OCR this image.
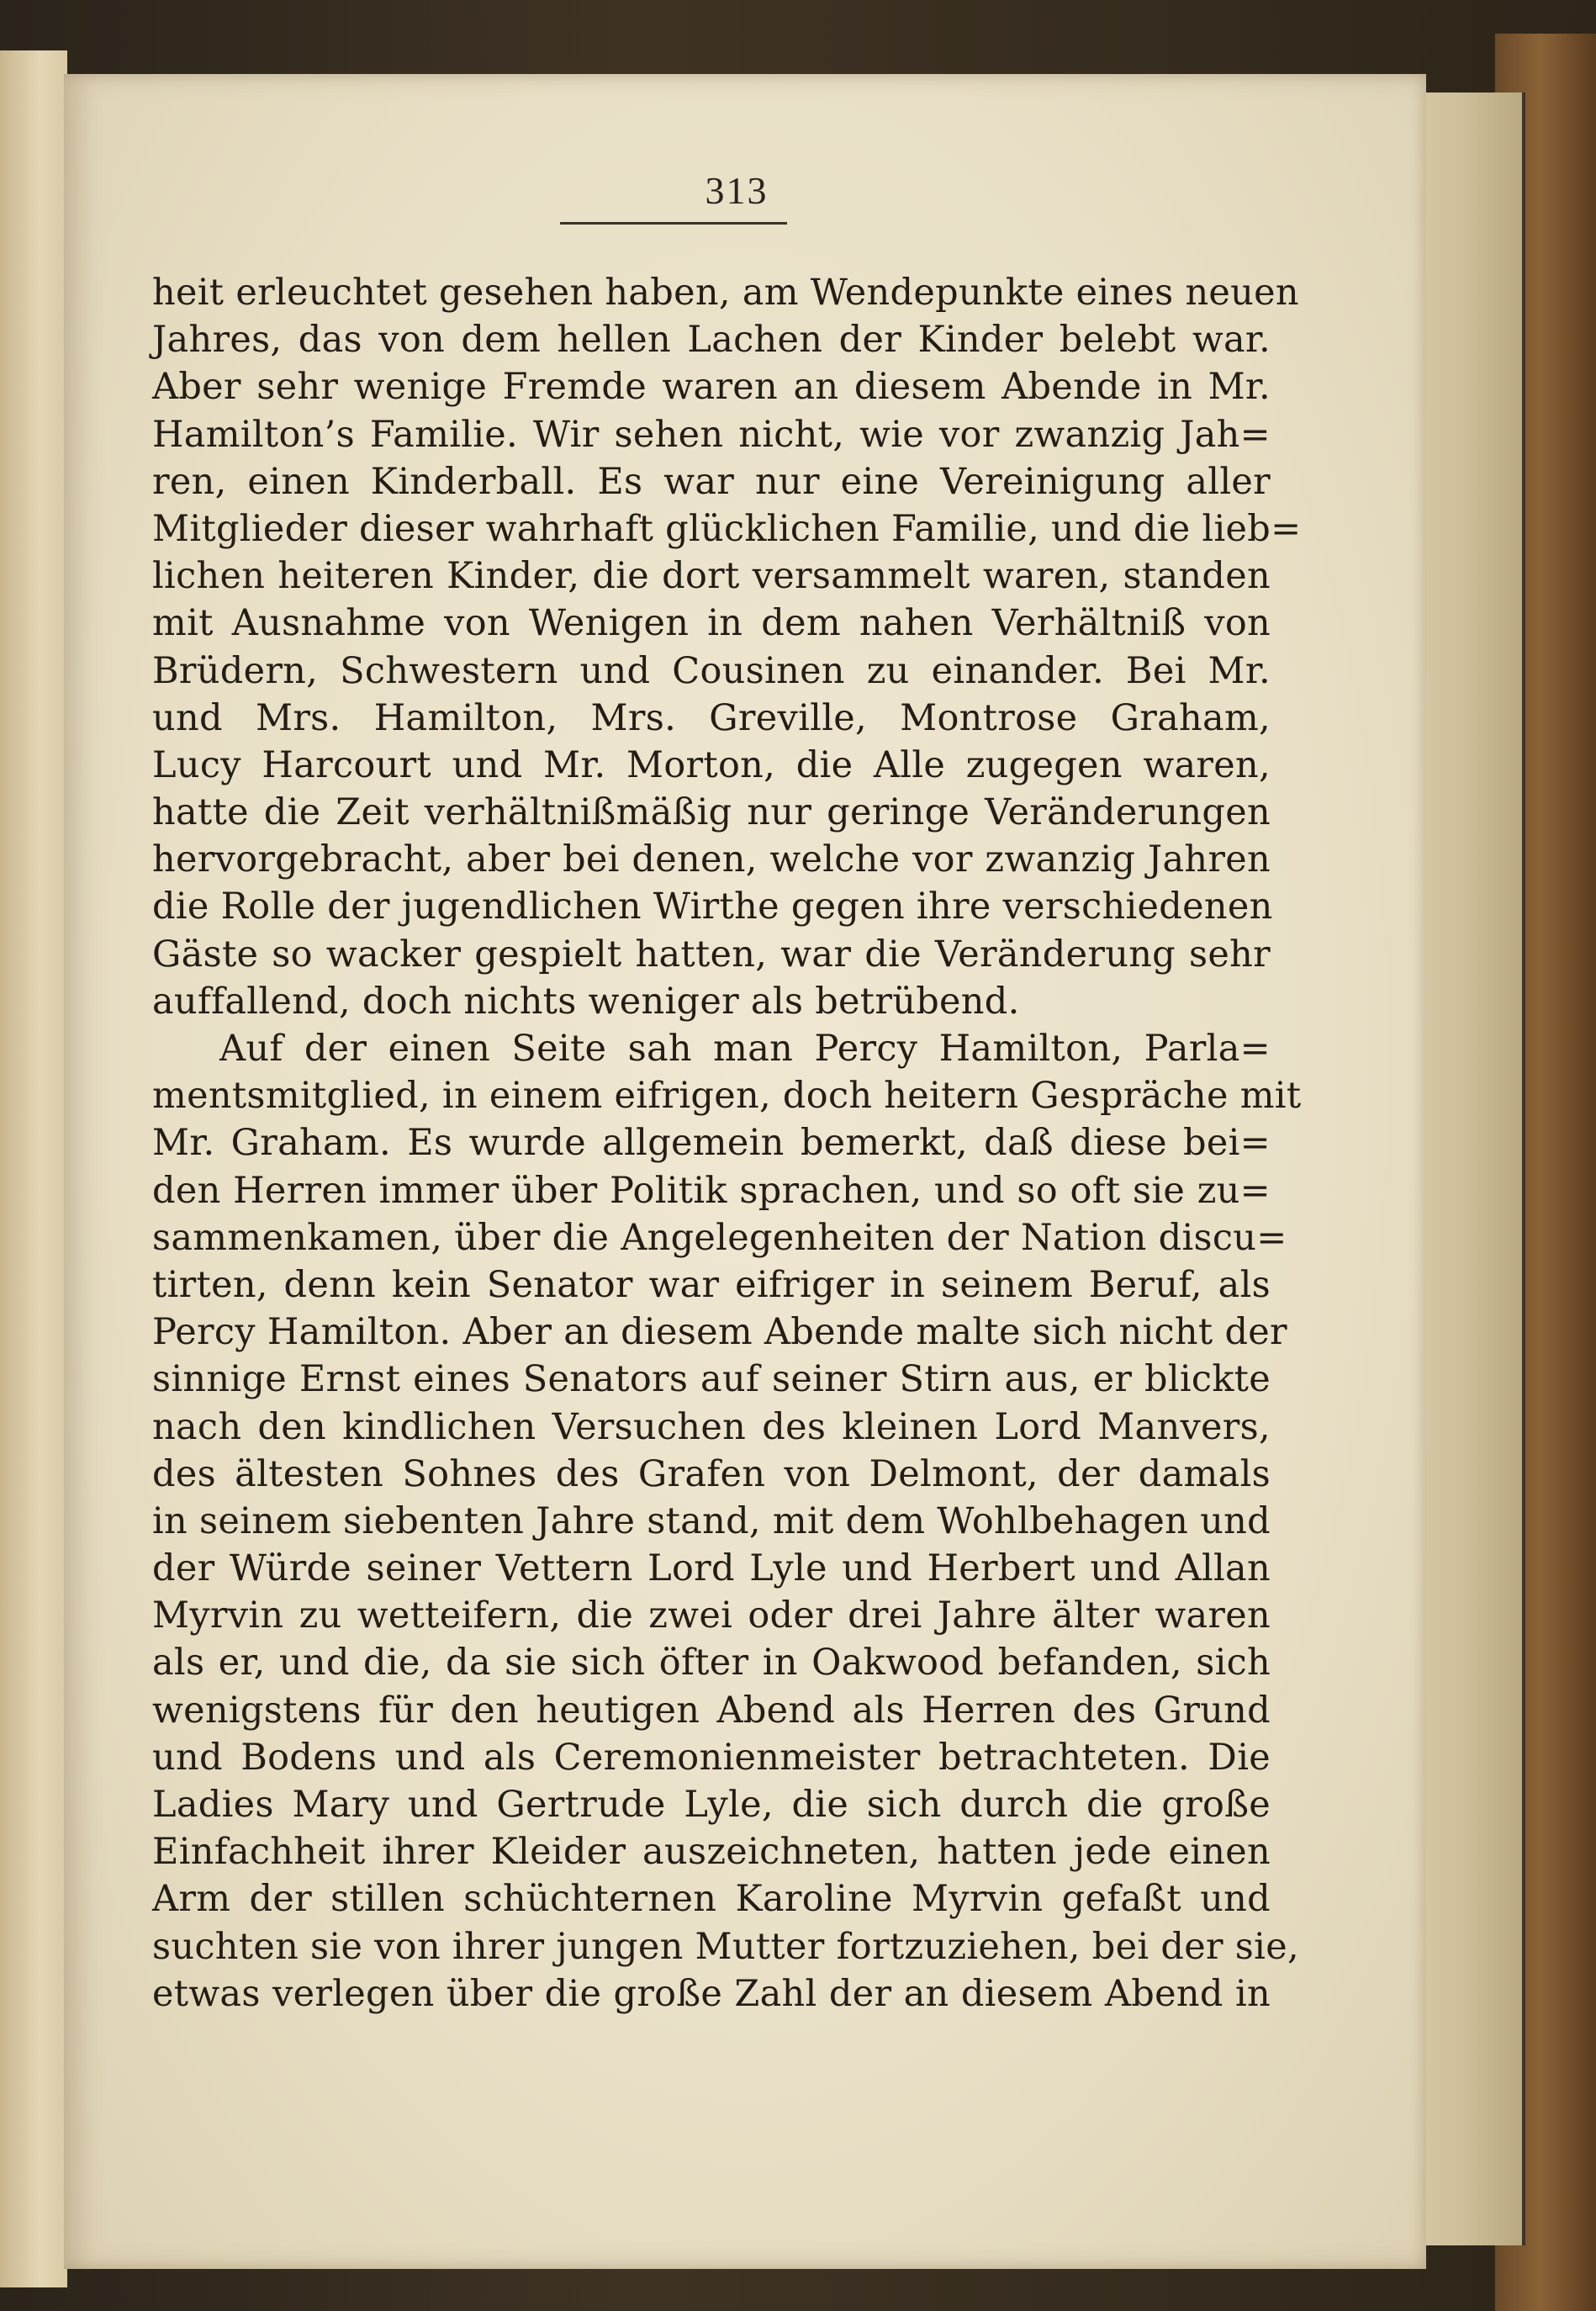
313
heit erleuchtet gesehen haben, am Wendepunkte eines neuen
Jahres, das von dem hellen Lachen der Kinder belebt war.
Aber sehr wenige Fremde waren an diesem Abende in Mr.
Hamilton’s Familie. Wir sehen nicht, wie vor zwanzig Jah=
ren, einen Kinderball. Es war nur eine Vereinigung aller
Mitglieder dieser wahrhaft glücklichen Familie, und die lieb=
lichen heiteren Kinder, die dort versammelt waren, standen
mit Ausnahme von Wenigen in dem nahen Verhältniß von
Brüdern, Schwestern und Cousinen zu einander. Bei Mr.
und Mrs. Hamilton, Mrs. Greville, Montrose Graham,
Lucy Harcourt und Mr. Morton, die Alle zugegen waren,
hatte die Zeit verhältnißmäßig nur geringe Veränderungen
hervorgebracht, aber bei denen, welche vor zwanzig Jahren
die Rolle der jugendlichen Wirthe gegen ihre verschiedenen
Gäste so wacker gespielt hatten, war die Veränderung sehr
auffallend, doch nichts weniger als betrübend.
Auf der einen Seite sah man Percy Hamilton, Parla=
mentsmitglied, in einem eifrigen, doch heitern Gespräche mit
Mr. Graham. Es wurde allgemein bemerkt, daß diese bei=
den Herren immer über Politik sprachen, und so oft sie zu=
sammenkamen, über die Angelegenheiten der Nation discu=
tirten, denn kein Senator war eifriger in seinem Beruf, als
Percy Hamilton. Aber an diesem Abende malte sich nicht der
sinnige Ernst eines Senators auf seiner Stirn aus, er blickte
nach den kindlichen Versuchen des kleinen Lord Manvers,
des ältesten Sohnes des Grafen von Delmont, der damals
in seinem siebenten Jahre stand, mit dem Wohlbehagen und
der Würde seiner Vettern Lord Lyle und Herbert und Allan
Myrvin zu wetteifern, die zwei oder drei Jahre älter waren
als er, und die, da sie sich öfter in Oakwood befanden, sich
wenigstens für den heutigen Abend als Herren des Grund
und Bodens und als Ceremonienmeister betrachteten. Die
Ladies Mary und Gertrude Lyle, die sich durch die große
Einfachheit ihrer Kleider auszeichneten, hatten jede einen
Arm der stillen schüchternen Karoline Myrvin gefaßt und
suchten sie von ihrer jungen Mutter fortzuziehen, bei der sie,
etwas verlegen über die große Zahl der an diesem Abend in
